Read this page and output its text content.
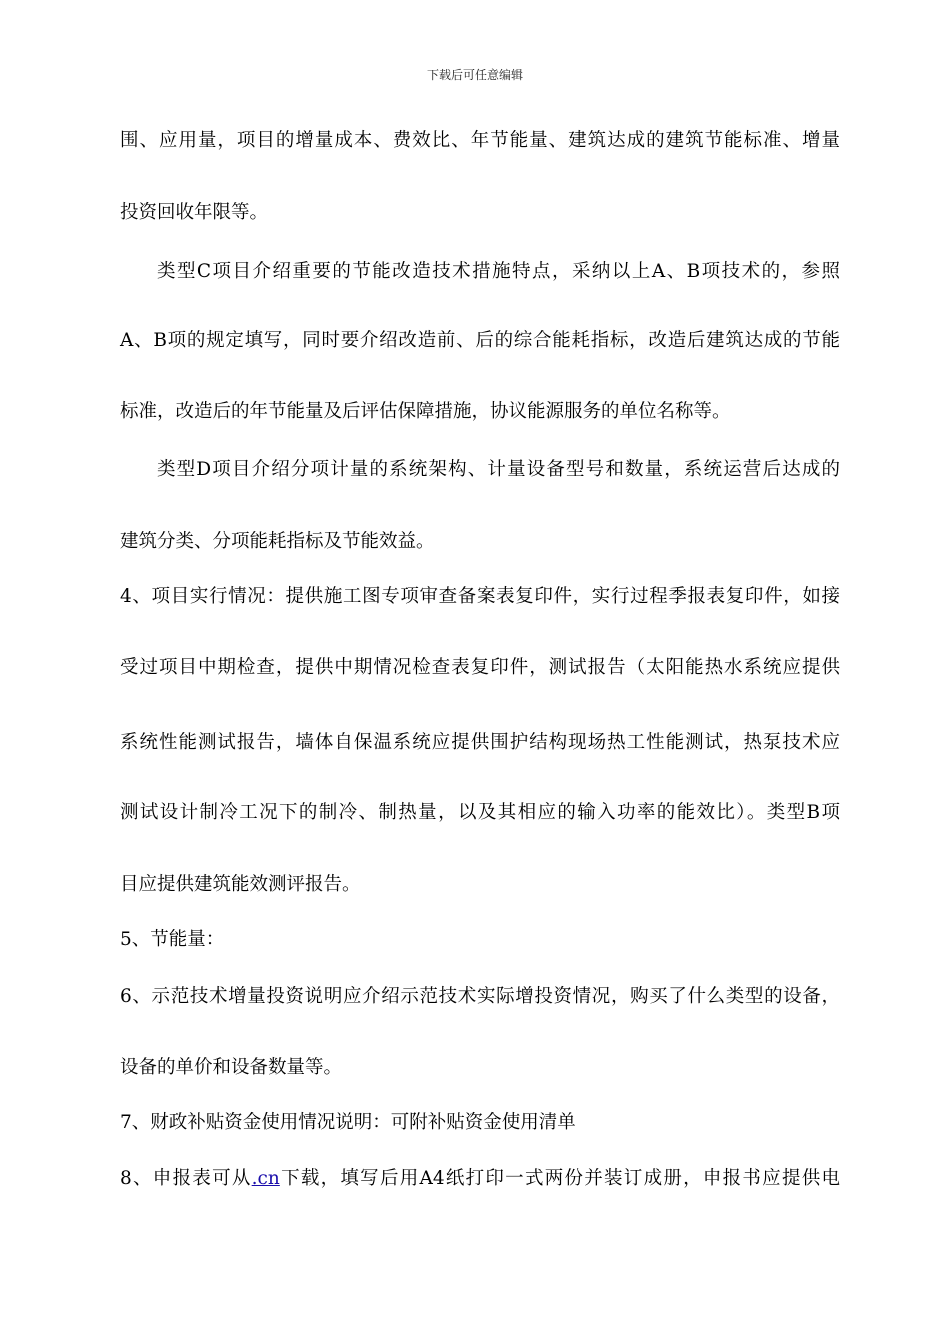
下载后可任意编辑
围、应用量，项目的增量成本、费效比、年节能量、建筑达成的建筑节能标准、增量
投资回收年限等。
类型C项目介绍重要的节能改造技术措施特点，采纳以上A、B项技术的，参照
A、B项的规定填写，同时要介绍改造前、后的综合能耗指标，改造后建筑达成的节能
标准，改造后的年节能量及后评估保障措施，协议能源服务的单位名称等。
类型D项目介绍分项计量的系统架构、计量设备型号和数量，系统运营后达成的
建筑分类、分项能耗指标及节能效益。
4、项目实行情况：提供施工图专项审查备案表复印件，实行过程季报表复印件，如接
受过项目中期检查，提供中期情况检查表复印件，测试报告（太阳能热水系统应提供
系统性能测试报告，墙体自保温系统应提供围护结构现场热工性能测试，热泵技术应
测试设计制冷工况下的制冷、制热量，以及其相应的输入功率的能效比）。类型B项
目应提供建筑能效测评报告。
5、节能量：
6、示范技术增量投资说明应介绍示范技术实际增投资情况，购买了什么类型的设备，
设备的单价和设备数量等。
7、财政补贴资金使用情况说明：可附补贴资金使用清单
8、申报表可从.cn下载，填写后用A4纸打印一式两份并装订成册，申报书应提供电
